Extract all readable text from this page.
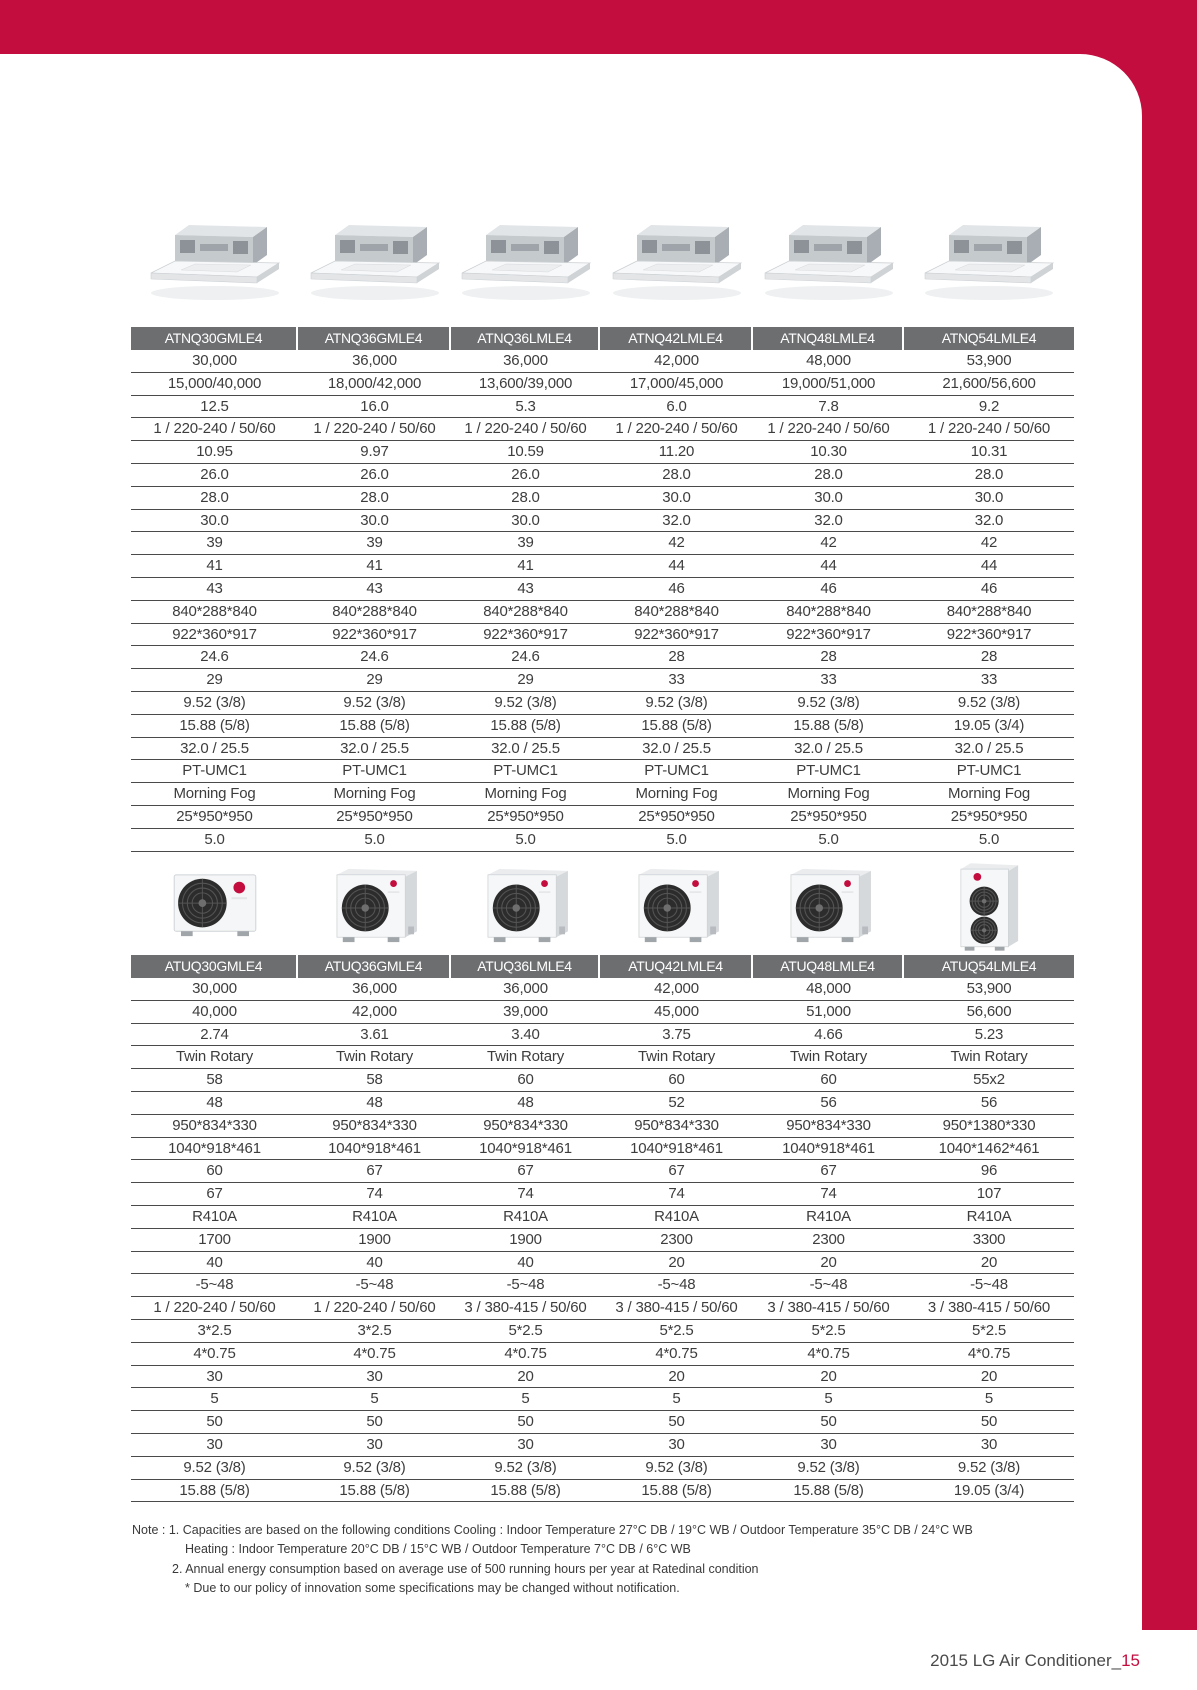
ATNQ30GMLE4	ATNQ36GMLE4	ATNQ36LMLE4	ATNQ42LMLE4	ATNQ48LMLE4	ATNQ54LMLE4
30,000	36,000	36,000	42,000	48,000	53,900
15,000/40,000	18,000/42,000	13,600/39,000	17,000/45,000	19,000/51,000	21,600/56,600
12.5	16.0	5.3	6.0	7.8	9.2
1 / 220-240 / 50/60	1 / 220-240 / 50/60	1 / 220-240 / 50/60	1 / 220-240 / 50/60	1 / 220-240 / 50/60	1 / 220-240 / 50/60
10.95	9.97	10.59	11.20	10.30	10.31
26.0	26.0	26.0	28.0	28.0	28.0
28.0	28.0	28.0	30.0	30.0	30.0
30.0	30.0	30.0	32.0	32.0	32.0
39	39	39	42	42	42
41	41	41	44	44	44
43	43	43	46	46	46
840*288*840	840*288*840	840*288*840	840*288*840	840*288*840	840*288*840
922*360*917	922*360*917	922*360*917	922*360*917	922*360*917	922*360*917
24.6	24.6	24.6	28	28	28
29	29	29	33	33	33
9.52 (3/8)	9.52 (3/8)	9.52 (3/8)	9.52 (3/8)	9.52 (3/8)	9.52 (3/8)
15.88 (5/8)	15.88 (5/8)	15.88 (5/8)	15.88 (5/8)	15.88 (5/8)	19.05 (3/4)
32.0 / 25.5	32.0 / 25.5	32.0 / 25.5	32.0 / 25.5	32.0 / 25.5	32.0 / 25.5
PT-UMC1	PT-UMC1	PT-UMC1	PT-UMC1	PT-UMC1	PT-UMC1
Morning Fog	Morning Fog	Morning Fog	Morning Fog	Morning Fog	Morning Fog
25*950*950	25*950*950	25*950*950	25*950*950	25*950*950	25*950*950
5.0	5.0	5.0	5.0	5.0	5.0
ATUQ30GMLE4	ATUQ36GMLE4	ATUQ36LMLE4	ATUQ42LMLE4	ATUQ48LMLE4	ATUQ54LMLE4
30,000	36,000	36,000	42,000	48,000	53,900
40,000	42,000	39,000	45,000	51,000	56,600
2.74	3.61	3.40	3.75	4.66	5.23
Twin Rotary	Twin Rotary	Twin Rotary	Twin Rotary	Twin Rotary	Twin Rotary
58	58	60	60	60	55x2
48	48	48	52	56	56
950*834*330	950*834*330	950*834*330	950*834*330	950*834*330	950*1380*330
1040*918*461	1040*918*461	1040*918*461	1040*918*461	1040*918*461	1040*1462*461
60	67	67	67	67	96
67	74	74	74	74	107
R410A	R410A	R410A	R410A	R410A	R410A
1700	1900	1900	2300	2300	3300
40	40	40	20	20	20
-5~48	-5~48	-5~48	-5~48	-5~48	-5~48
1 / 220-240 / 50/60	1 / 220-240 / 50/60	3 / 380-415 / 50/60	3 / 380-415 / 50/60	3 / 380-415 / 50/60	3 / 380-415 / 50/60
3*2.5	3*2.5	5*2.5	5*2.5	5*2.5	5*2.5
4*0.75	4*0.75	4*0.75	4*0.75	4*0.75	4*0.75
30	30	20	20	20	20
5	5	5	5	5	5
50	50	50	50	50	50
30	30	30	30	30	30
9.52 (3/8)	9.52 (3/8)	9.52 (3/8)	9.52 (3/8)	9.52 (3/8)	9.52 (3/8)
15.88 (5/8)	15.88 (5/8)	15.88 (5/8)	15.88 (5/8)	15.88 (5/8)	19.05 (3/4)
Note : 1. Capacities are based on the following conditions Cooling : Indoor Temperature 27°C DB / 19°C WB / Outdoor Temperature 35°C DB / 24°C WB
Heating : Indoor Temperature 20°C DB / 15°C WB / Outdoor Temperature 7°C DB / 6°C WB
2. Annual energy consumption based on average use of 500 running hours per year at Ratedinal condition
* Due to our policy of innovation some specifications may be changed without notification.
2015 LG Air Conditioner_15
